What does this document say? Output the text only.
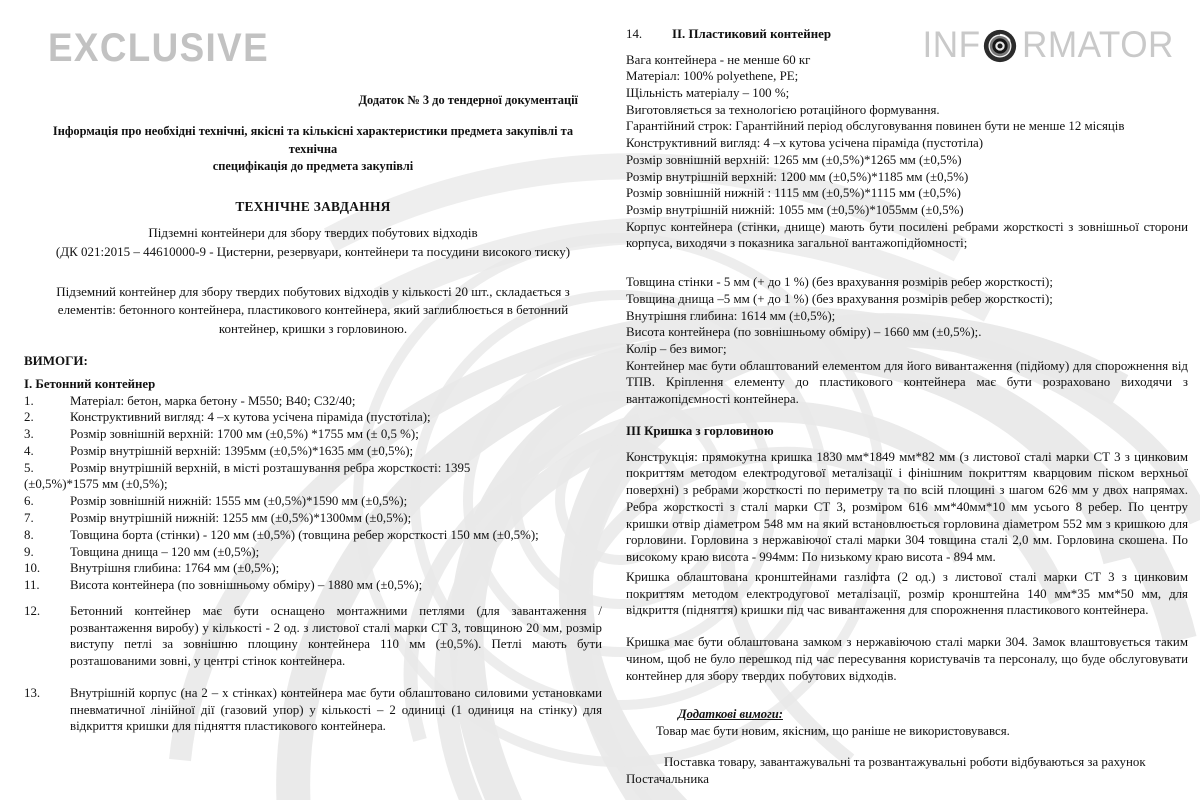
EXCLUSIVE	INF RMATOR
Додаток № 3 до тендерної документації
Інформація про необхідні технічні, якісні та кількісні характеристики предмета закупівлі та технічна
специфікація до предмета закупівлі
ТЕХНІЧНЕ ЗАВДАННЯ
Підземні контейнери для збору твердих побутових відходів
(ДК 021:2015 – 44610000-9 - Цистерни, резервуари, контейнери та посудини високого тиску)
Підземний контейнер для збору твердих побутових відходів у кількості 20 шт., складається з
елементів: бетонного контейнера, пластикового контейнера, який заглиблюється в бетонний
контейнер, кришки з горловиною.
ВИМОГИ:
I. Бетонний контейнер
1.	Матеріал: бетон, марка бетону - М550; В40; С32/40;
2.	Конструктивний вигляд: 4 –х кутова усічена піраміда (пустотіла);
3.	Розмір зовнішній верхній: 1700 мм (±0,5%) *1755 мм (± 0,5 %);
4.	Розмір внутрішній верхній: 1395мм (±0,5%)*1635 мм (±0,5%);
5.	Розмір внутрішній верхній, в місті розташування ребра жорсткості: 1395
(±0,5%)*1575 мм (±0,5%);
6.	Розмір зовнішній нижній: 1555 мм (±0,5%)*1590 мм (±0,5%);
7.	Розмір внутрішній нижній: 1255 мм (±0,5%)*1300мм (±0,5%);
8.	Товщина борта (стінки) - 120 мм (±0,5%) (товщина ребер жорсткості 150 мм (±0,5%);
9.	Товщина днища – 120 мм (±0,5%);
10.	Внутрішня глибина: 1764 мм (±0,5%);
11.	Висота контейнера (по зовнішньому обміру) – 1880 мм (±0,5%);
12.	Бетонний контейнер має бути оснащено монтажними петлями (для завантаження /розвантаження виробу) у кількості - 2 од. з листової сталі марки СТ 3, товщиною 20 мм, розмір виступу петлі за зовнішню площину контейнера 110 мм (±0,5%). Петлі мають бути розташованими зовні, у центрі стінок контейнера.
13.	Внутрішній корпус (на 2 – х стінках) контейнера має бути облаштовано силовими установками пневматичної лінійної дії (газовий упор) у кількості – 2 одиниці (1 одиниця на стінку) для відкриття кришки для підняття пластикового контейнера.
14.	II. Пластиковий контейнер
Вага контейнера - не менше 60 кг
Матеріал: 100% polyethene, PE;
Щільність матеріалу – 100 %;
Виготовляється за технологією ротаційного формування.
Гарантійний строк: Гарантійний період обслуговування повинен бути не менше 12 місяців
Конструктивний вигляд: 4 –х кутова усічена піраміда (пустотіла)
Розмір зовнішній верхній: 1265 мм (±0,5%)*1265 мм (±0,5%)
Розмір внутрішній верхній: 1200 мм (±0,5%)*1185 мм (±0,5%)
Розмір зовнішній нижній : 1115 мм (±0,5%)*1115 мм (±0,5%)
Розмір внутрішній нижній: 1055 мм (±0,5%)*1055мм (±0,5%)
Корпус контейнера (стінки, днище) мають бути посилені ребрами жорсткості з зовнішньої сторони корпуса, виходячи з показника загальної вантажопідйомності;
Товщина стінки - 5 мм (+ до 1 %) (без врахування розмірів ребер жорсткості);
Товщина днища –5 мм (+ до 1 %) (без врахування розмірів ребер жорсткості);
Внутрішня глибина: 1614 мм (±0,5%);
Висота контейнера (по зовнішньому обміру) – 1660 мм (±0,5%);.
Колір – без вимог;
Контейнер має бути облаштований елементом для його вивантаження (підйому) для спорожнення від ТПВ. Кріплення елементу до пластикового контейнера має бути розраховано виходячи з вантажопідємності контейнера.
III Кришка з горловиною
Конструкція: прямокутна кришка 1830 мм*1849 мм*82 мм (з листової сталі марки СТ 3 з цинковим покриттям методом електродугової металізації і фінішним покриттям кварцовим піском верхньої поверхні) з ребрами жорсткості по периметру та по всій площині з шагом 626 мм у двох напрямах. Ребра жорсткості з сталі марки СТ 3, розміром 616 мм*40мм*10 мм усього 8 ребер. По центру кришки отвір діаметром 548 мм на який встановлюється горловина діаметром 552 мм з кришкою для горловини. Горловина з нержавіючої сталі марки 304 товщина сталі 2,0 мм. Горловина скошена. По високому краю висота - 994мм: По низькому краю висота - 894 мм.
Кришка облаштована кронштейнами газліфта (2 од.) з листової сталі марки СТ 3 з цинковим покриттям методом електродугової металізації, розмір кронштейна 140 мм*35 мм*50 мм, для відкриття (підняття) кришки під час вивантаження для спорожнення пластикового контейнера.
Кришка має бути облаштована замком з нержавіючою сталі марки 304. Замок влаштовується таким чином, щоб не було перешкод під час пересування користувачів та персоналу, що буде обслуговувати контейнер для збору твердих побутових відходів.
Додаткові вимоги:
Товар має бути новим, якісним, що раніше не використовувався.
Поставка товару, завантажувальні та розвантажувальні роботи відбуваються за рахунок
Постачальника
